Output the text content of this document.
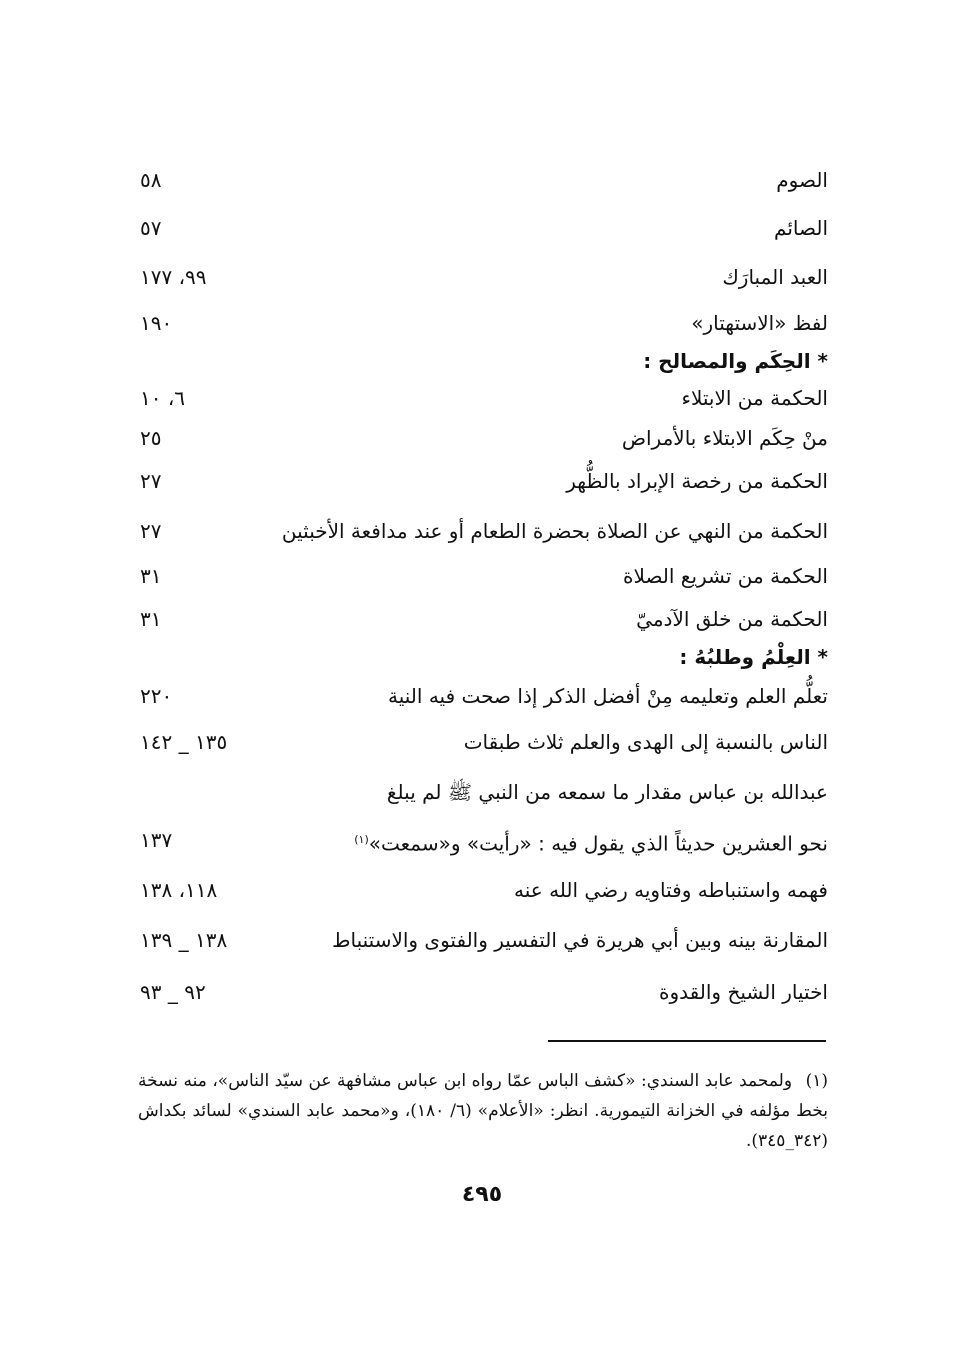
الصوم
٥٨
الصائم
٥٧
العبد المبارَك
٩٩، ١٧٧
لفظ «الاستهتار»
١٩٠
* الحِكَم والمصالح :
الحكمة من الابتلاء
٦، ١٠
منْ حِكَم الابتلاء بالأمراض
٢٥
الحكمة من رخصة الإبراد بالظُّهر
٢٧
الحكمة من النهي عن الصلاة بحضرة الطعام أو عند مدافعة الأخبثين
٢٧
الحكمة من تشريع الصلاة
٣١
الحكمة من خلق الآدميّ
٣١
* العِلْمُ وطلبُهُ :
تعلُّم العلم وتعليمه مِنْ أفضل الذكر إذا صحت فيه النية
٢٢٠
الناس بالنسبة إلى الهدى والعلم ثلاث طبقات
١٣٥ _ ١٤٢
عبدالله بن عباس مقدار ما سمعه من النبي ﷺ لم يبلغ
نحو العشرين حديثاً الذي يقول فيه : «رأيت» و«سمعت»$^{(١)}$
١٣٧
فهمه واستنباطه وفتاويه رضي الله عنه
١١٨، ١٣٨
المقارنة بينه وبين أبي هريرة في التفسير والفتوى والاستنباط
١٣٨ _ ١٣٩
اختيار الشيخ والقدوة
٩٢ _ ٩٣
(١) ولمحمد عابد السندي: «كشف الباس عمّا رواه ابن عباس مشافهة عن سيّد الناس»، منه نسخة بخط مؤلفه في الخزانة التيمورية. انظر: «الأعلام» (٦/ ١٨٠)، و«محمد عابد السندي» لسائد بكداش (٣٤٢_٣٤٥).
٤٩٥
